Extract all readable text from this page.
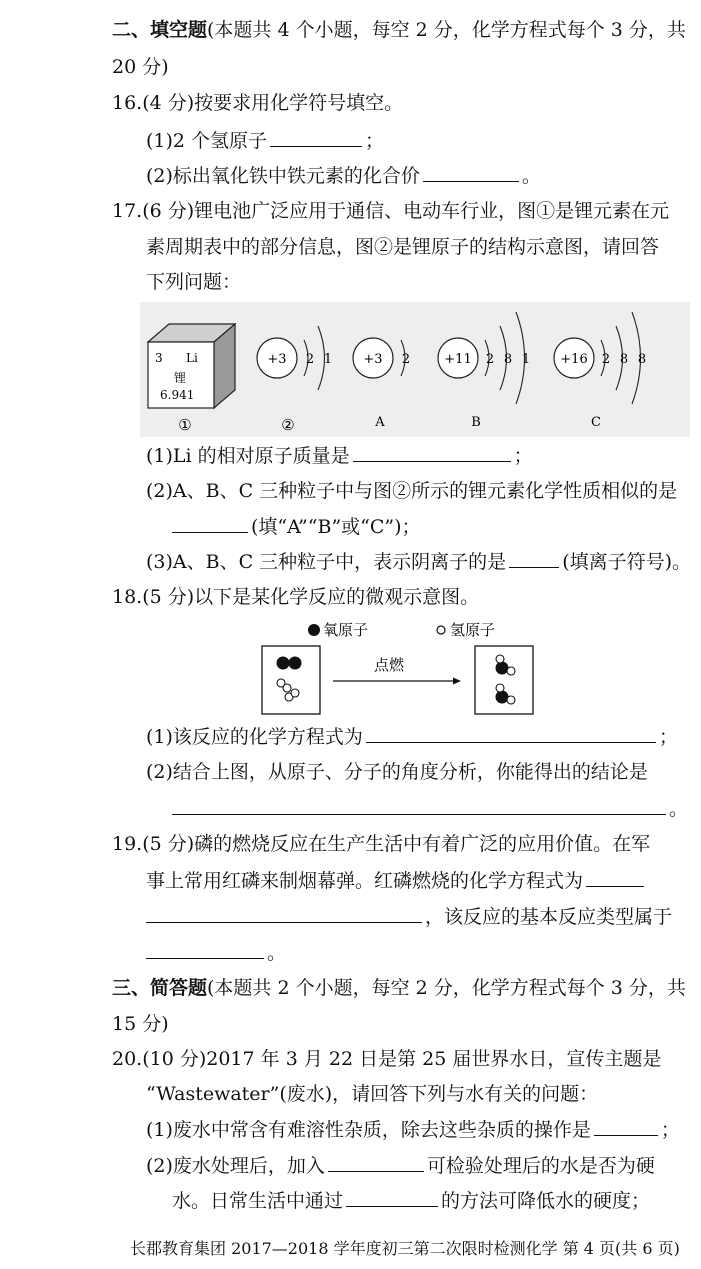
二、填空题(本题共 4 个小题，每空 2 分，化学方程式每个 3 分，共
20 分)
16.(4 分)按要求用化学符号填空。
(1)2 个氢原子	；
(2)标出氧化铁中铁元素的化合价	。
17.(6 分)锂电池广泛应用于通信、电动车行业，图①是锂元素在元
素周期表中的部分信息，图②是锂原子的结构示意图，请回答
下列问题：
3 Li
锂
6.941
+3 2 1 +3 2	+11 2 8 1 +16 2 8 8
①	②	A	B	C
(1)Li 的相对原子质量是	；
(2)A、B、C 三种粒子中与图②所示的锂元素化学性质相似的是
(填“A”“B”或“C”)；
(3)A、B、C 三种粒子中，表示阴离子的是	(填离子符号)。
18.(5 分)以下是某化学反应的微观示意图。
氧原子	氢原子
点燃
(1)该反应的化学方程式为	；
(2)结合上图，从原子、分子的角度分析，你能得出的结论是
。
19.(5 分)磷的燃烧反应在生产生活中有着广泛的应用价值。在军
事上常用红磷来制烟幕弹。红磷燃烧的化学方程式为
，该反应的基本反应类型属于
。
三、简答题(本题共 2 个小题，每空 2 分，化学方程式每个 3 分，共
15 分)
20.(10 分)2017 年 3 月 22 日是第 25 届世界水日，宣传主题是
“Wastewater”(废水)，请回答下列与水有关的问题：
(1)废水中常含有难溶性杂质，除去这些杂质的操作是	；
(2)废水处理后，加入	可检验处理后的水是否为硬
水。日常生活中通过	的方法可降低水的硬度；
长郡教育集团 2017—2018 学年度初三第二次限时检测化学 第 4 页(共 6 页)
